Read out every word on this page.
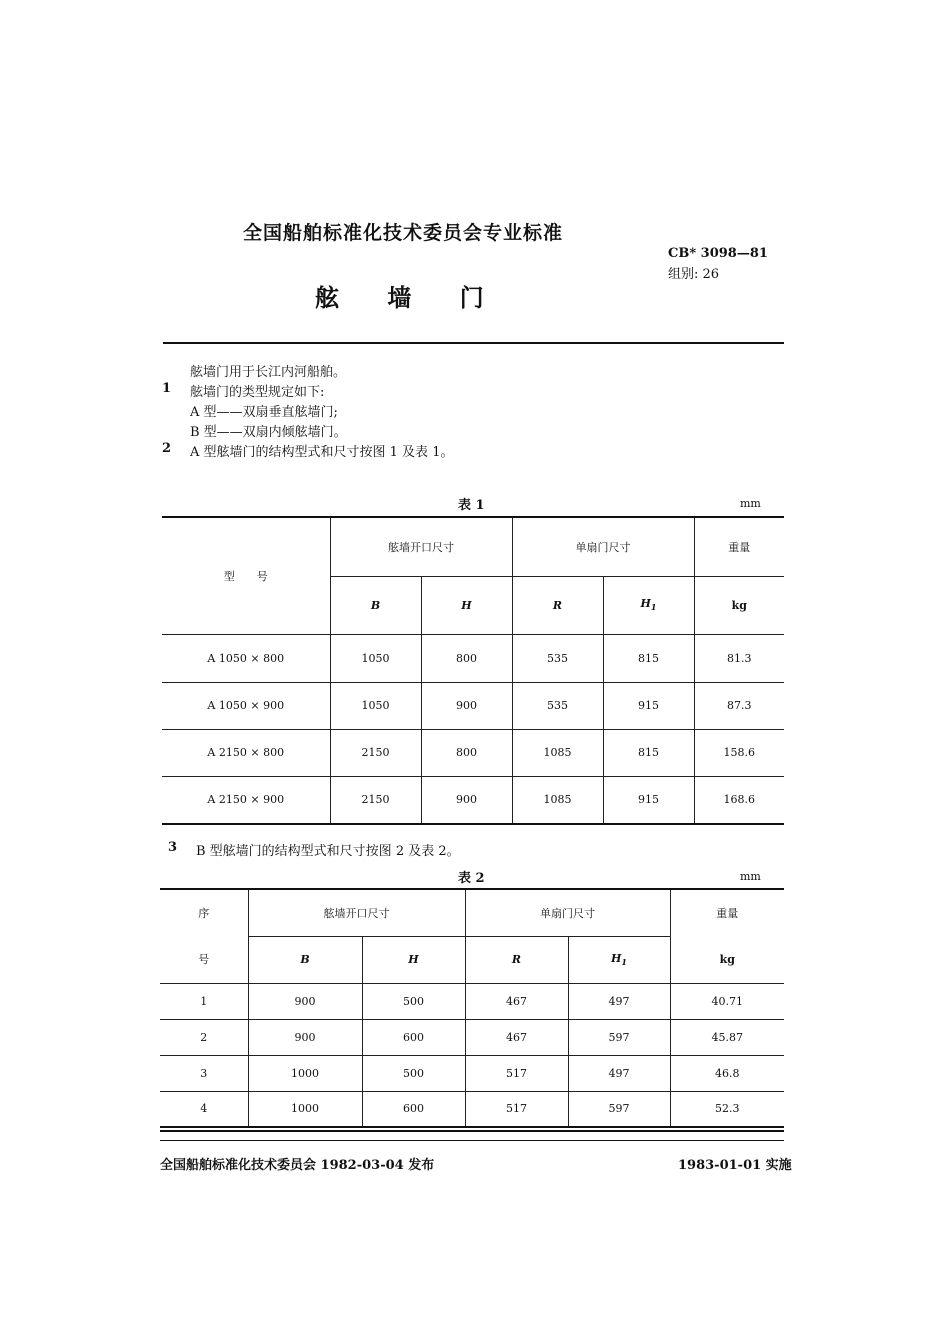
全国船舶标准化技术委员会专业标准
CB* 3098—81
组别: 26
舷 墙 门
舷墙门用于长江内河船舶。
1 舷墙门的类型规定如下:
A 型——双扇垂直舷墙门;
B 型——双扇内倾舷墙门。
2 A 型舷墙门的结构型式和尺寸按图 1 及表 1。
表 1	mm
型　　号	舷墙开口尺寸		单扇门尺寸		重量
	B	H	R	$H_1$	kg
A 1050 × 800	1050	800	535	815	81.3
A 1050 × 900	1050	900	535	915	87.3
A 2150 × 800	2150	800	1085	815	158.6
A 2150 × 900	2150	900	1085	915	168.6
3 B 型舷墙门的结构型式和尺寸按图 2 及表 2。
表 2	mm
序	舷墙开口尺寸		单扇门尺寸		重量
号	B	H	R	$H_1$	kg
1	900	500	467	497	40.71
2	900	600	467	597	45.87
3	1000	500	517	497	46.8
4	1000	600	517	597	52.3
全国船舶标准化技术委员会 1982-03-04 发布	1983-01-01 实施
